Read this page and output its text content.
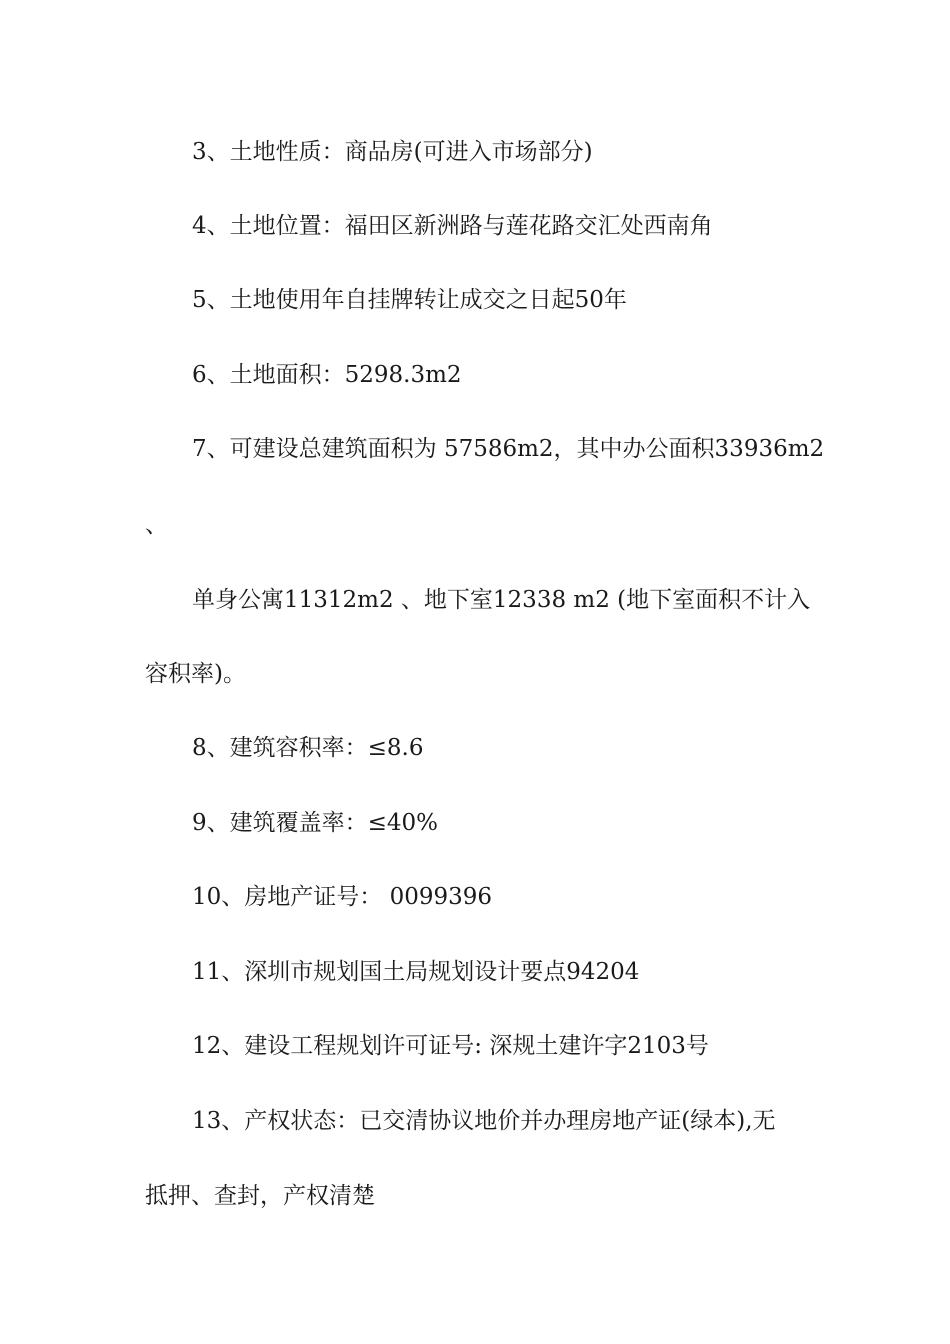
3、土地性质：商品房(可进入市场部分)
4、土地位置：福田区新洲路与莲花路交汇处西南角
5、土地使用年自挂牌转让成交之日起50年
6、土地面积：5298.3m2
7、可建设总建筑面积为 57586m2，其中办公面积33936m2
、
单身公寓11312m2 、地下室12338 m2 (地下室面积不计入
容积率)。
8、建筑容积率：≤8.6
9、建筑覆盖率：≤40%
10、房地产证号： 0099396
11、深圳市规划国土局规划设计要点94204
12、建设工程规划许可证号: 深规土建许字2103号
13、产权状态：已交清协议地价并办理房地产证(绿本),无
抵押、查封，产权清楚
